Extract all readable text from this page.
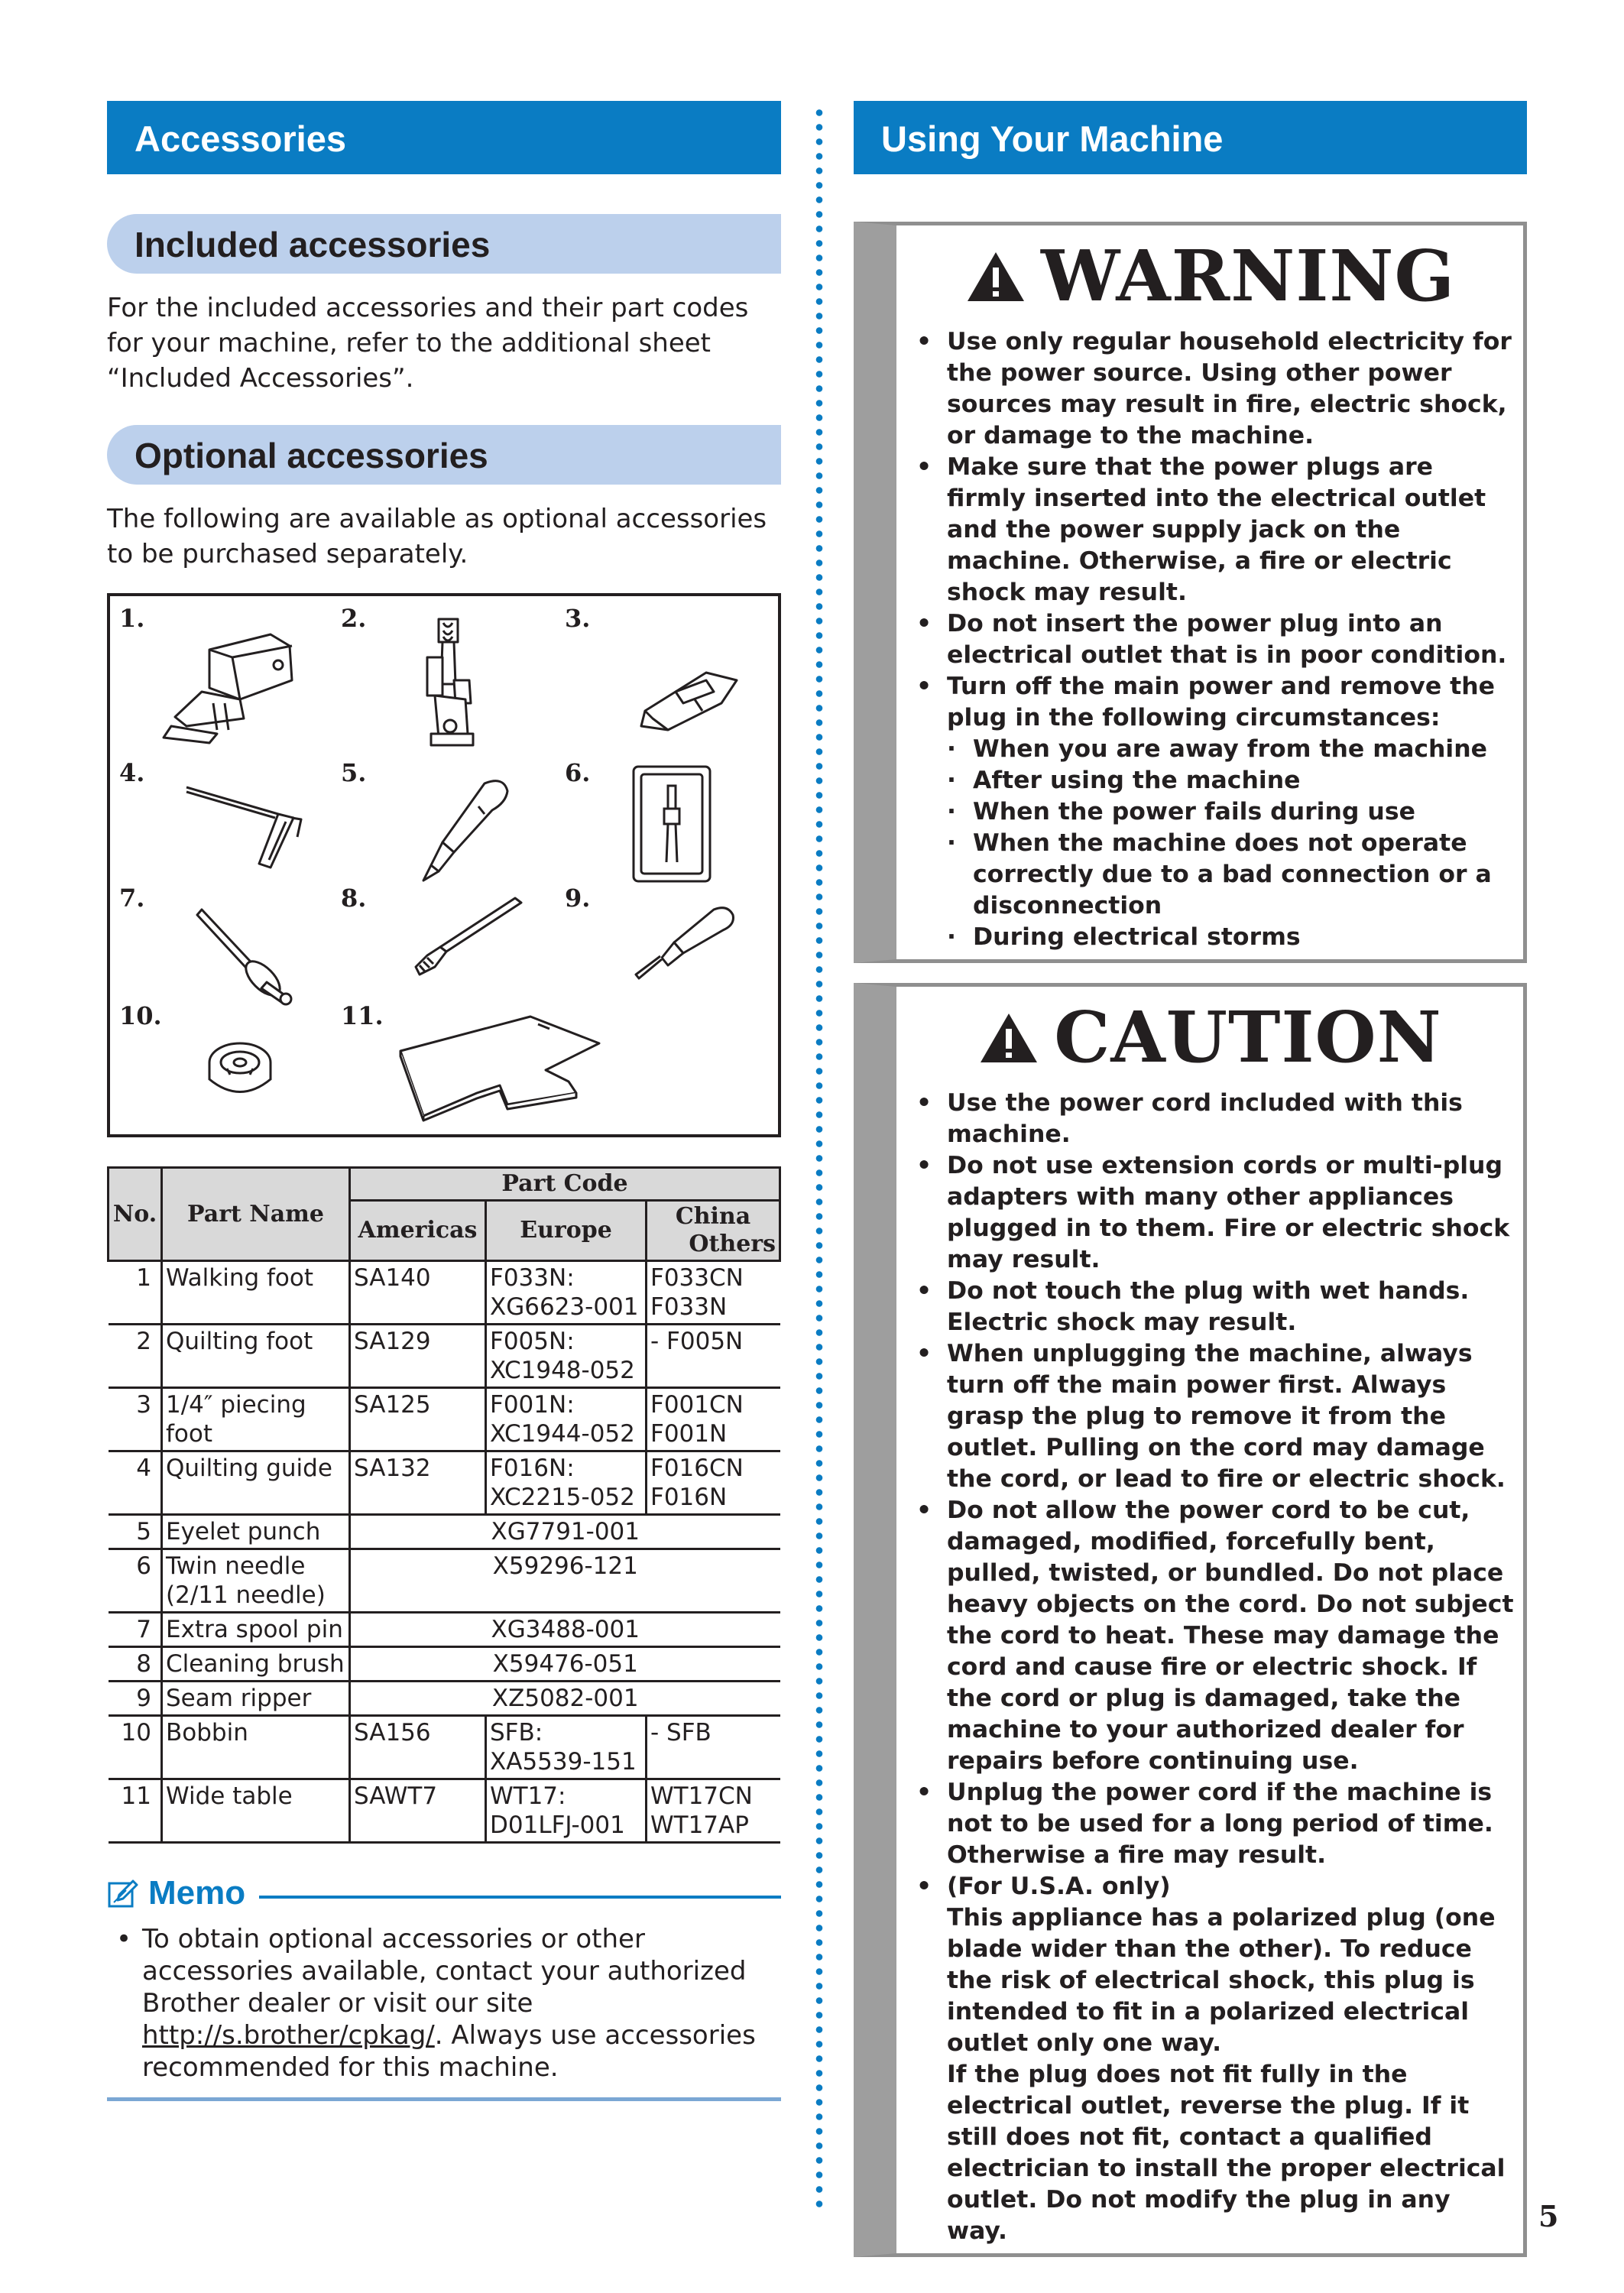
Accessories
Included accessories

For the included accessories and their part codes for your machine, refer to the additional sheet “Included Accessories”.

Optional accessories

The following are available as optional accessories to be purchased separately.

1.	2.	3.
4.	5.	6.
7.	8.	9.
10.	11.
No.	Part Name	Part Code		
		Americas	Europe	China
Others

1	Walking foot	SA140	F033N: XG6623-001	F033CN F033N
2	Quilting foot	SA129	F005N: XC1948-052	- F005N
3	1/4″ piecing foot	SA125	F001N: XC1944-052	F001CN F001N
4	Quilting guide	SA132	F016N: XC2215-052	F016CN F016N
5	Eyelet punch	XG7791-001		
6	Twin needle (2/11 needle)	X59296-121		
7	Extra spool pin	XG3488-001		
8	Cleaning brush	X59476-051		
9	Seam ripper	XZ5082-001		
10	Bobbin	SA156	SFB: XA5539-151	- SFB
11	Wide table	SAWT7	WT17: D01LFJ-001	WT17CN WT17AP
Memo

• To obtain optional accessories or other accessories available, contact your authorized Brother dealer or visit our site http://s.brother/cpkag/. Always use accessories recommended for this machine.

Using Your Machine
WARNING
• Use only regular household electricity for the power source. Using other power sources may result in fire, electric shock, or damage to the machine.
• Make sure that the power plugs are firmly inserted into the electrical outlet and the power supply jack on the machine. Otherwise, a fire or electric shock may result.
• Do not insert the power plug into an electrical outlet that is in poor condition.
• Turn off the main power and remove the plug in the following circumstances:
· When you are away from the machine
· After using the machine
· When the power fails during use
· When the machine does not operate correctly due to a bad connection or a disconnection
· During electrical storms
CAUTION
• Use the power cord included with this machine.
• Do not use extension cords or multi-plug adapters with many other appliances plugged in to them. Fire or electric shock may result.
• Do not touch the plug with wet hands. Electric shock may result.
• When unplugging the machine, always turn off the main power first. Always grasp the plug to remove it from the outlet. Pulling on the cord may damage the cord, or lead to fire or electric shock.
• Do not allow the power cord to be cut, damaged, modified, forcefully bent, pulled, twisted, or bundled. Do not place heavy objects on the cord. Do not subject the cord to heat. These may damage the cord and cause fire or electric shock. If the cord or plug is damaged, take the machine to your authorized dealer for repairs before continuing use.
• Unplug the power cord if the machine is not to be used for a long period of time. Otherwise a fire may result.
• (For U.S.A. only)
This appliance has a polarized plug (one blade wider than the other). To reduce the risk of electrical shock, this plug is intended to fit in a polarized electrical outlet only one way.
If the plug does not fit fully in the electrical outlet, reverse the plug. If it still does not fit, contact a qualified electrician to install the proper electrical outlet. Do not modify the plug in any way.	5
